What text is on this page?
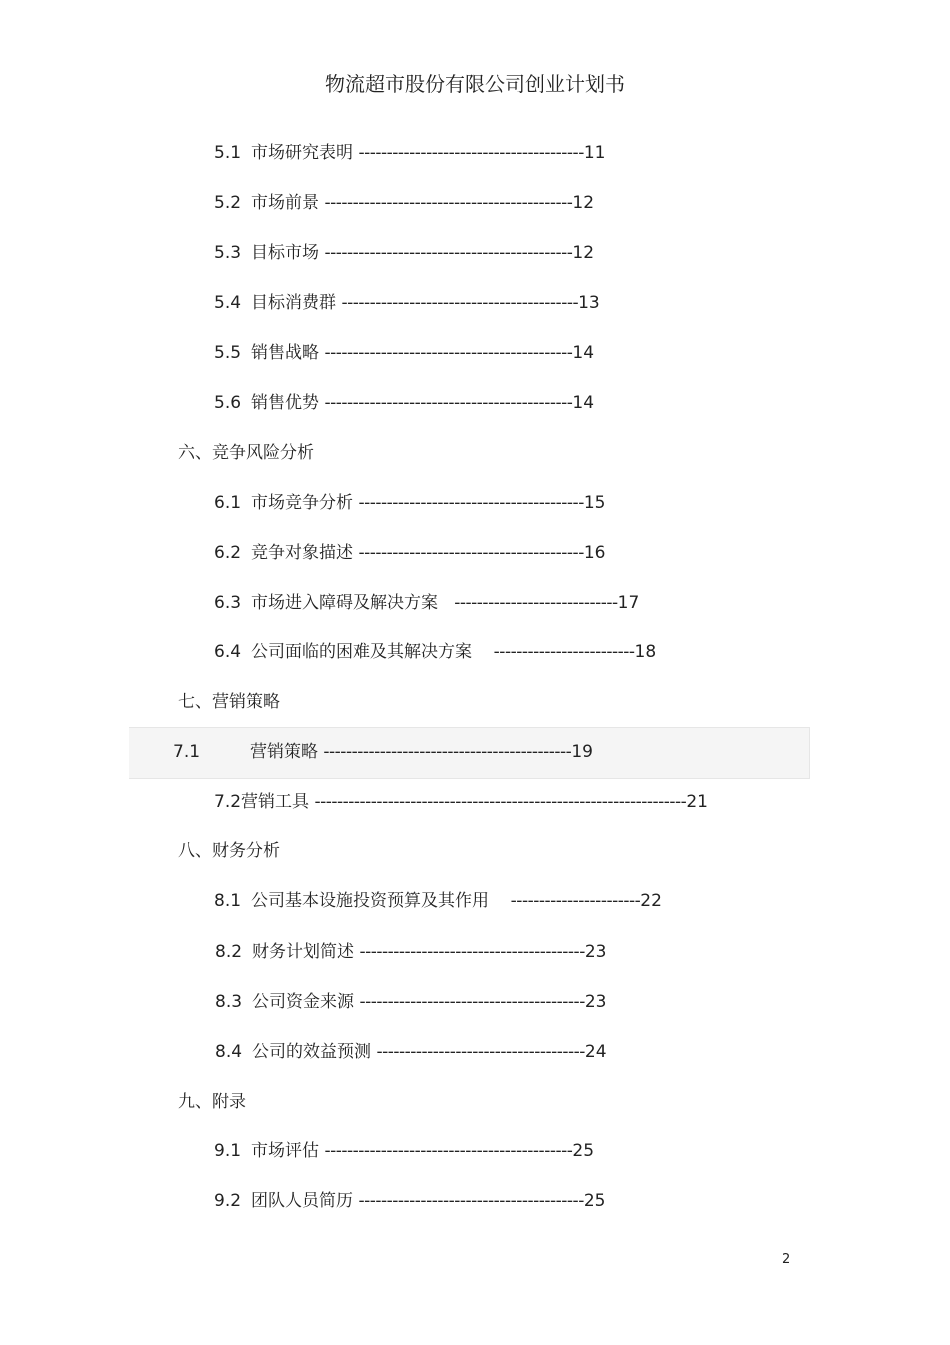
物流超市股份有限公司创业计划书
5.1 市场研究表明 ----------------------------------------11
5.2 市场前景 --------------------------------------------12
5.3 目标市场 --------------------------------------------12
5.4 目标消费群 ------------------------------------------13
5.5 销售战略 --------------------------------------------14
5.6 销售优势 --------------------------------------------14
六、竞争风险分析
6.1 市场竞争分析 ----------------------------------------15
6.2 竞争对象描述 ----------------------------------------16
6.3 市场进入障碍及解决方案 -----------------------------17
6.4 公司面临的困难及其解决方案 -------------------------18
七、营销策略
7.1	营销策略 --------------------------------------------19
7.2营销工具 ------------------------------------------------------------------21
八、财务分析
8.1 公司基本设施投资预算及其作用 -----------------------22
8.2 财务计划简述 ----------------------------------------23
8.3 公司资金来源 ----------------------------------------23
8.4 公司的效益预测 -------------------------------------24
九、附录
9.1 市场评估 --------------------------------------------25
9.2 团队人员简历 ----------------------------------------25
2
